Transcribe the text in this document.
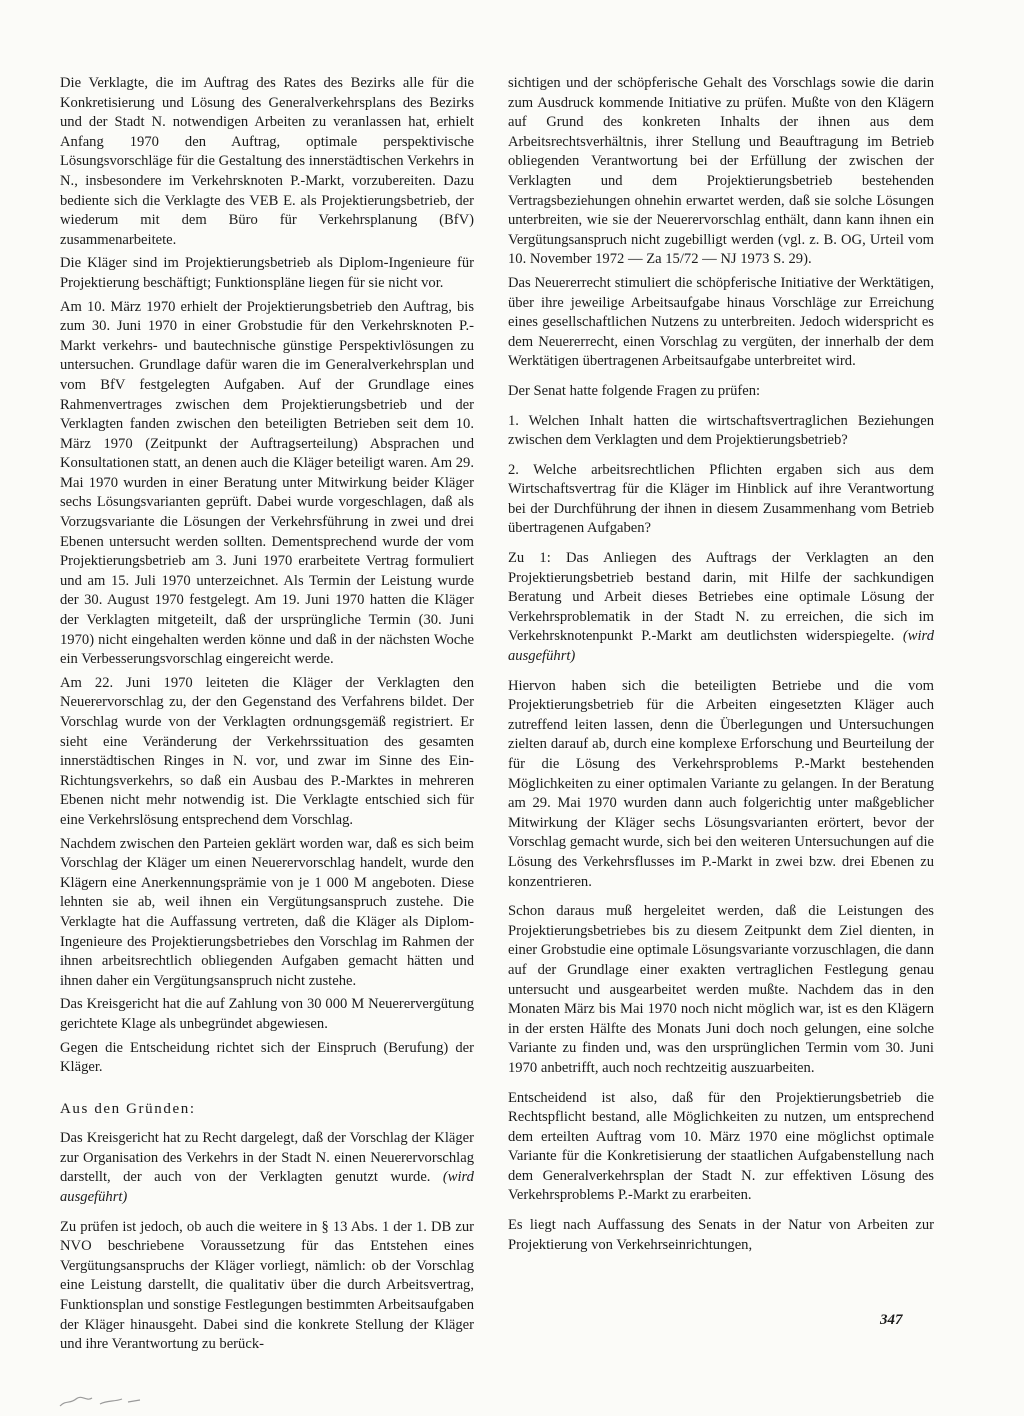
Die Verklagte, die im Auftrag des Rates des Bezirks alle für die Konkretisierung und Lösung des Generalverkehrsplans des Bezirks und der Stadt N. notwendigen Arbeiten zu veranlassen hat, erhielt Anfang 1970 den Auftrag, optimale perspektivische Lösungsvorschläge für die Gestaltung des innerstädtischen Verkehrs in N., insbesondere im Verkehrsknoten P.-Markt, vorzubereiten. Dazu bediente sich die Verklagte des VEB E. als Projektierungsbetrieb, der wiederum mit dem Büro für Verkehrsplanung (BfV) zusammenarbeitete.

Die Kläger sind im Projektierungsbetrieb als Diplom-Ingenieure für Projektierung beschäftigt; Funktionspläne liegen für sie nicht vor.

Am 10. März 1970 erhielt der Projektierungsbetrieb den Auftrag, bis zum 30. Juni 1970 in einer Grobstudie für den Verkehrsknoten P.-Markt verkehrs- und bautechnische günstige Perspektivlösungen zu untersuchen. Grundlage dafür waren die im Generalverkehrsplan und vom BfV festgelegten Aufgaben. Auf der Grundlage eines Rahmenvertrages zwischen dem Projektierungsbetrieb und der Verklagten fanden zwischen den beteiligten Betrieben seit dem 10. März 1970 (Zeitpunkt der Auftragserteilung) Absprachen und Konsultationen statt, an denen auch die Kläger beteiligt waren. Am 29. Mai 1970 wurden in einer Beratung unter Mitwirkung beider Kläger sechs Lösungsvarianten geprüft. Dabei wurde vorgeschlagen, daß als Vorzugsvariante die Lösungen der Verkehrsführung in zwei und drei Ebenen untersucht werden sollten. Dementsprechend wurde der vom Projektierungsbetrieb am 3. Juni 1970 erarbeitete Vertrag formuliert und am 15. Juli 1970 unterzeichnet. Als Termin der Leistung wurde der 30. August 1970 festgelegt. Am 19. Juni 1970 hatten die Kläger der Verklagten mitgeteilt, daß der ursprüngliche Termin (30. Juni 1970) nicht eingehalten werden könne und daß in der nächsten Woche ein Verbesserungsvorschlag eingereicht werde.

Am 22. Juni 1970 leiteten die Kläger der Verklagten den Neuerervorschlag zu, der den Gegenstand des Verfahrens bildet. Der Vorschlag wurde von der Verklagten ordnungsgemäß registriert. Er sieht eine Veränderung der Verkehrssituation des gesamten innerstädtischen Ringes in N. vor, und zwar im Sinne des Ein-Richtungsverkehrs, so daß ein Ausbau des P.-Marktes in mehreren Ebenen nicht mehr notwendig ist. Die Verklagte entschied sich für eine Verkehrslösung entsprechend dem Vorschlag.

Nachdem zwischen den Parteien geklärt worden war, daß es sich beim Vorschlag der Kläger um einen Neuerervorschlag handelt, wurde den Klägern eine Anerkennungsprämie von je 1 000 M angeboten. Diese lehnten sie ab, weil ihnen ein Vergütungsanspruch zustehe. Die Verklagte hat die Auffassung vertreten, daß die Kläger als Diplom-Ingenieure des Projektierungsbetriebes den Vorschlag im Rahmen der ihnen arbeitsrechtlich obliegenden Aufgaben gemacht hätten und ihnen daher ein Vergütungsanspruch nicht zustehe.

Das Kreisgericht hat die auf Zahlung von 30 000 M Neuerervergütung gerichtete Klage als unbegründet abgewiesen.

Gegen die Entscheidung richtet sich der Einspruch (Berufung) der Kläger.

Aus den Gründen:

Das Kreisgericht hat zu Recht dargelegt, daß der Vorschlag der Kläger zur Organisation des Verkehrs in der Stadt N. einen Neuerervorschlag darstellt, der auch von der Verklagten genutzt wurde. (wird ausgeführt)

Zu prüfen ist jedoch, ob auch die weitere in § 13 Abs. 1 der 1. DB zur NVO beschriebene Voraussetzung für das Entstehen eines Vergütungsanspruchs der Kläger vorliegt, nämlich: ob der Vorschlag eine Leistung darstellt, die qualitativ über die durch Arbeitsvertrag, Funktionsplan und sonstige Festlegungen bestimmten Arbeitsaufgaben der Kläger hinausgeht. Dabei sind die konkrete Stellung der Kläger und ihre Verantwortung zu berück-

sichtigen und der schöpferische Gehalt des Vorschlags sowie die darin zum Ausdruck kommende Initiative zu prüfen. Mußte von den Klägern auf Grund des konkreten Inhalts der ihnen aus dem Arbeitsrechtsverhältnis, ihrer Stellung und Beauftragung im Betrieb obliegenden Verantwortung bei der Erfüllung der zwischen der Verklagten und dem Projektierungsbetrieb bestehenden Vertragsbeziehungen ohnehin erwartet werden, daß sie solche Lösungen unterbreiten, wie sie der Neuerervorschlag enthält, dann kann ihnen ein Vergütungsanspruch nicht zugebilligt werden (vgl. z. B. OG, Urteil vom 10. November 1972 — Za 15/72 — NJ 1973 S. 29).

Das Neuererrecht stimuliert die schöpferische Initiative der Werktätigen, über ihre jeweilige Arbeitsaufgabe hinaus Vorschläge zur Erreichung eines gesellschaftlichen Nutzens zu unterbreiten. Jedoch widerspricht es dem Neuererrecht, einen Vorschlag zu vergüten, der innerhalb der dem Werktätigen übertragenen Arbeitsaufgabe unterbreitet wird.

Der Senat hatte folgende Fragen zu prüfen:

1. Welchen Inhalt hatten die wirtschaftsvertraglichen Beziehungen zwischen dem Verklagten und dem Projektierungsbetrieb?

2. Welche arbeitsrechtlichen Pflichten ergaben sich aus dem Wirtschaftsvertrag für die Kläger im Hinblick auf ihre Verantwortung bei der Durchführung der ihnen in diesem Zusammenhang vom Betrieb übertragenen Aufgaben?

Zu 1: Das Anliegen des Auftrags der Verklagten an den Projektierungsbetrieb bestand darin, mit Hilfe der sachkundigen Beratung und Arbeit dieses Betriebes eine optimale Lösung der Verkehrsproblematik in der Stadt N. zu erreichen, die sich im Verkehrsknotenpunkt P.-Markt am deutlichsten widerspiegelte. (wird ausgeführt)

Hiervon haben sich die beteiligten Betriebe und die vom Projektierungsbetrieb für die Arbeiten eingesetzten Kläger auch zutreffend leiten lassen, denn die Überlegungen und Untersuchungen zielten darauf ab, durch eine komplexe Erforschung und Beurteilung der für die Lösung des Verkehrsproblems P.-Markt bestehenden Möglichkeiten zu einer optimalen Variante zu gelangen. In der Beratung am 29. Mai 1970 wurden dann auch folgerichtig unter maßgeblicher Mitwirkung der Kläger sechs Lösungsvarianten erörtert, bevor der Vorschlag gemacht wurde, sich bei den weiteren Untersuchungen auf die Lösung des Verkehrsflusses im P.-Markt in zwei bzw. drei Ebenen zu konzentrieren.

Schon daraus muß hergeleitet werden, daß die Leistungen des Projektierungsbetriebes bis zu diesem Zeitpunkt dem Ziel dienten, in einer Grobstudie eine optimale Lösungsvariante vorzuschlagen, die dann auf der Grundlage einer exakten vertraglichen Festlegung genau untersucht und ausgearbeitet werden mußte. Nachdem das in den Monaten März bis Mai 1970 noch nicht möglich war, ist es den Klägern in der ersten Hälfte des Monats Juni doch noch gelungen, eine solche Variante zu finden und, was den ursprünglichen Termin vom 30. Juni 1970 anbetrifft, auch noch rechtzeitig auszuarbeiten.

Entscheidend ist also, daß für den Projektierungsbetrieb die Rechtspflicht bestand, alle Möglichkeiten zu nutzen, um entsprechend dem erteilten Auftrag vom 10. März 1970 eine möglichst optimale Variante für die Konkretisierung der staatlichen Aufgabenstellung nach dem Generalverkehrsplan der Stadt N. zur effektiven Lösung des Verkehrsproblems P.-Markt zu erarbeiten.

Es liegt nach Auffassung des Senats in der Natur von Arbeiten zur Projektierung von Verkehrseinrichtungen,

347
